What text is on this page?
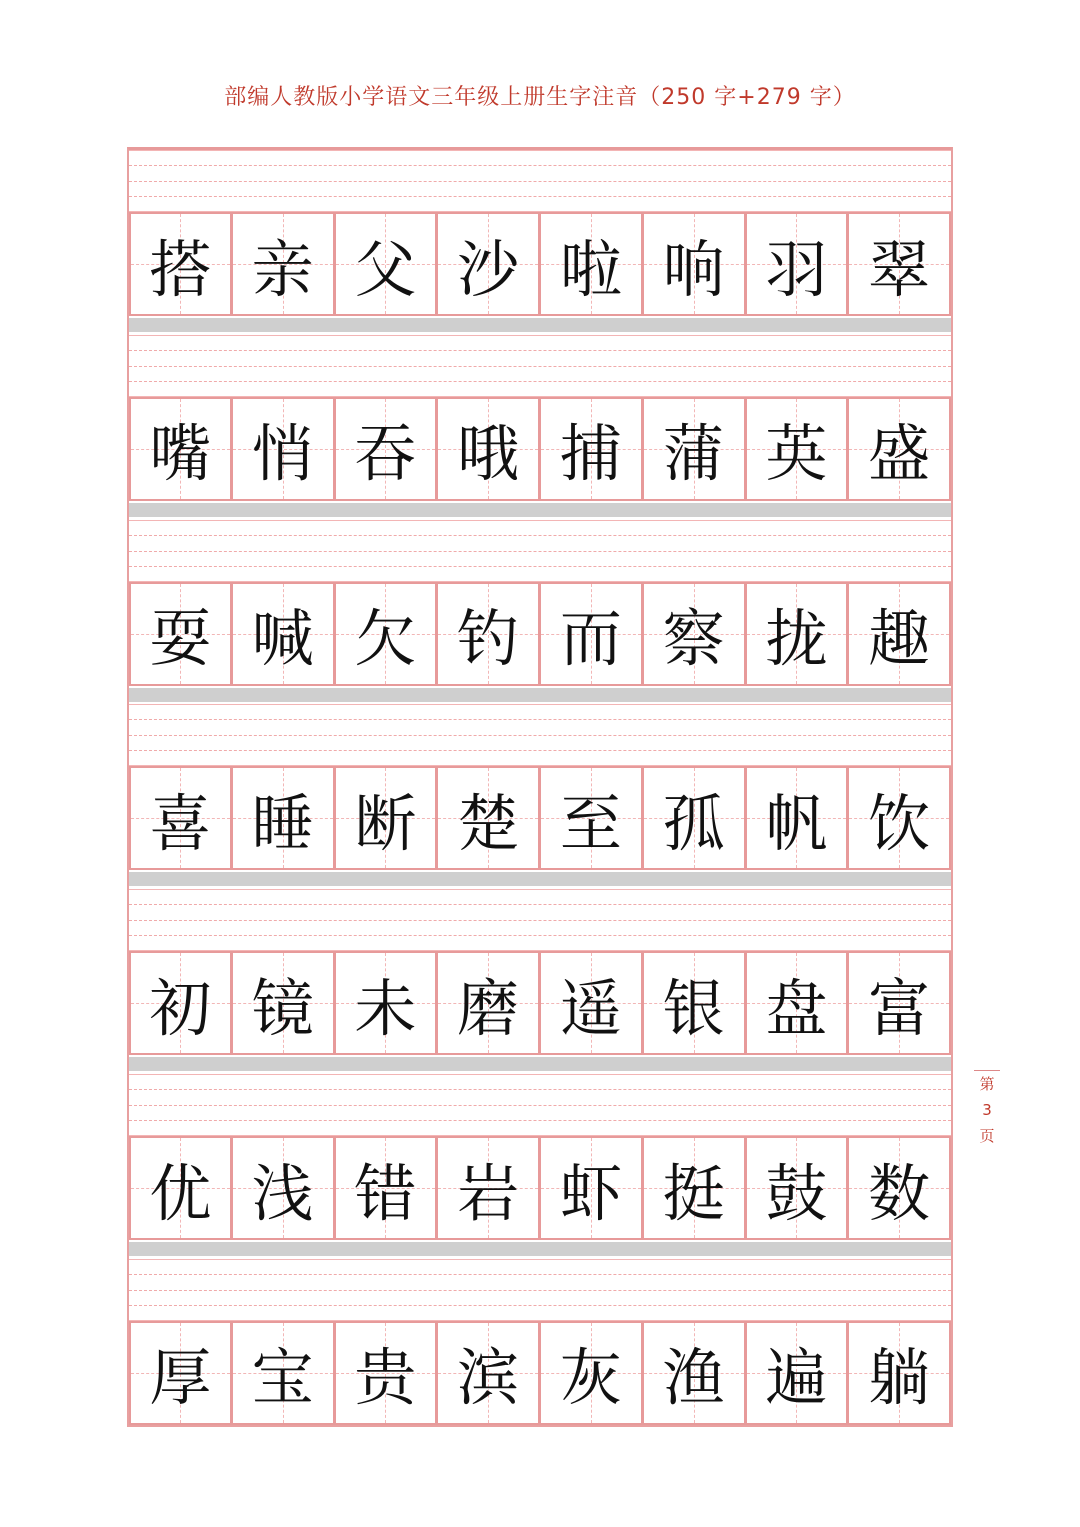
部编人教版小学语文三年级上册生字注音（250 字+279 字）
搭 亲 父 沙 啦 响 羽 翠
嘴 悄 吞 哦 捕 蒲 英 盛
耍 喊 欠 钓 而 察 拢 趣
喜 睡 断 楚 至 孤 帆 饮
初 镜 未 磨 遥 银 盘 富
优 浅 错 岩 虾 挺 鼓 数
厚 宝 贵 滨 灰 渔 遍 躺
第
3
页
